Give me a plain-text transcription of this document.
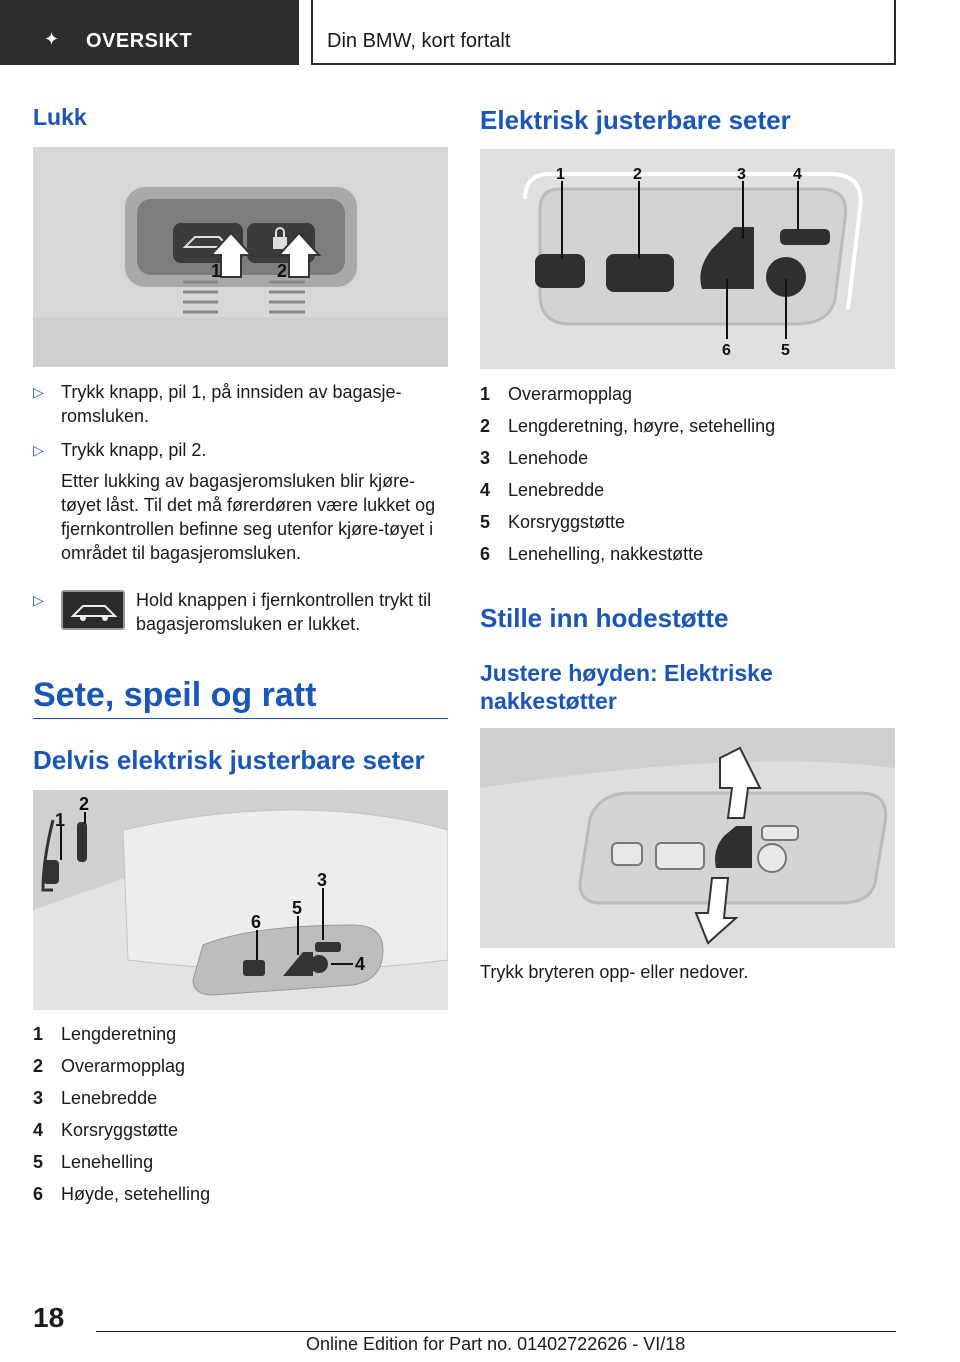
✦ OVERSIKT	Din BMW, kort fortalt
Lukk
1	2
▷ Trykk knapp, pil 1, på innsiden av bagasje-romsluken.

▷ Trykk knapp, pil 2.

Etter lukking av bagasjeromsluken blir kjøre-tøyet låst. Til det må førerdøren være lukket og fjernkontrollen befinne seg utenfor kjøre-tøyet i området til bagasjeromsluken.

▷	Hold knappen i fjernkontrollen trykt til bagasjeromsluken er lukket.

Sete, speil og ratt
Delvis elektrisk justerbare seter
1
2
3
4
5
6
1 Lengderetning
2 Overarmopplag
3 Lenebredde
4 Korsryggstøtte
5 Lenehelling
6 Høyde, setehelling
Elektrisk justerbare seter
1	2	3	4
5
6
1 Overarmopplag
2 Lengderetning, høyre, setehelling
3 Lenehode
4 Lenebredde
5 Korsryggstøtte
6 Lenehelling, nakkestøtte
Stille inn hodestøtte
Justere høyden: Elektriske nakkestøtter
Trykk bryteren opp- eller nedover.
18
Online Edition for Part no. 01402722626 - VI/18
